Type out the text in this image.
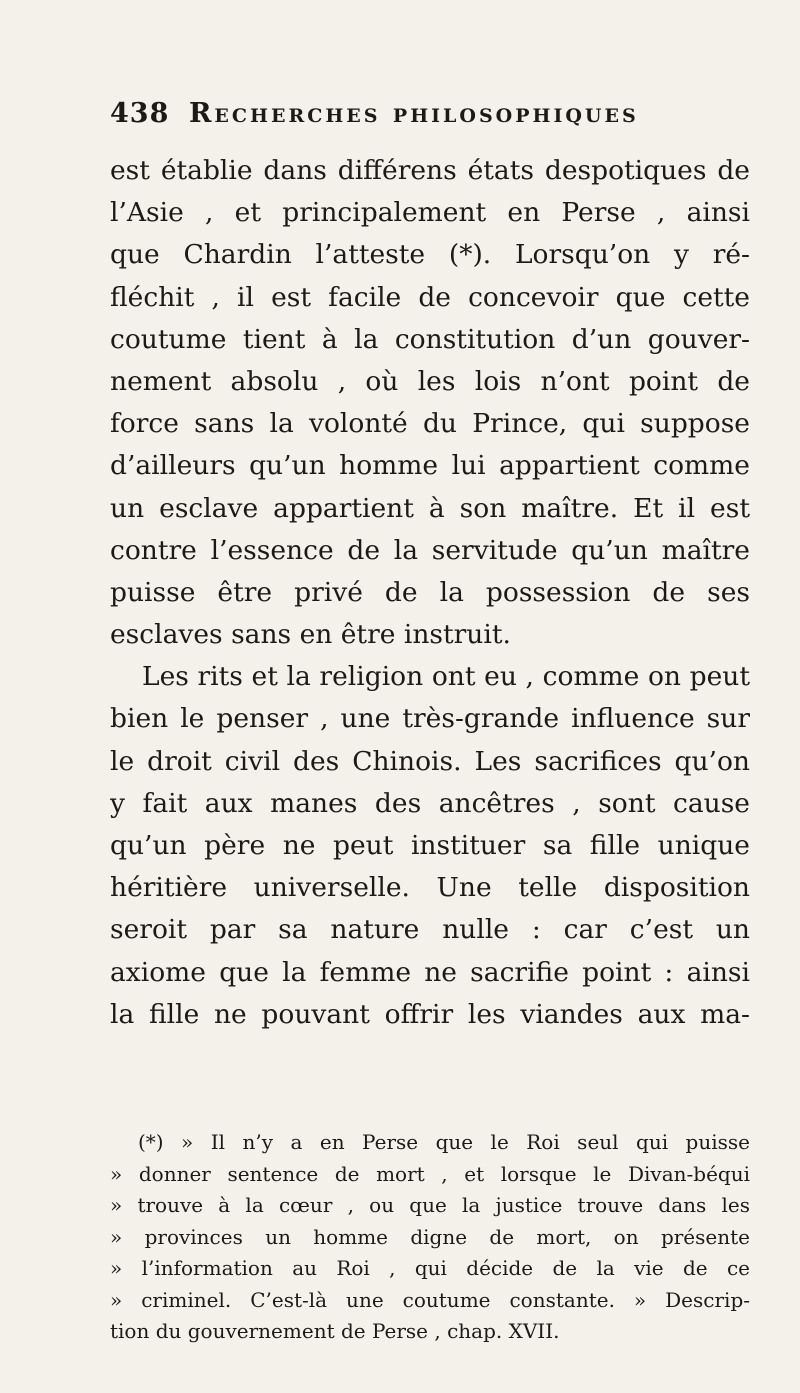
438 Recherches philosophiques
est établie dans différens états despotiques de
l’Asie , et principalement en Perse , ainsi
que Chardin l’atteste (*). Lorsqu’on y ré-
fléchit , il est facile de concevoir que cette
coutume tient à la constitution d’un gouver-
nement absolu , où les lois n’ont point de
force sans la volonté du Prince, qui suppose
d’ailleurs qu’un homme lui appartient comme
un esclave appartient à son maître. Et il est
contre l’essence de la servitude qu’un maître
puisse être privé de la possession de ses
esclaves sans en être instruit.
Les rits et la religion ont eu , comme on peut
bien le penser , une très-grande influence sur
le droit civil des Chinois. Les sacrifices qu’on
y fait aux manes des ancêtres , sont cause
qu’un père ne peut instituer sa fille unique
héritière universelle. Une telle disposition
seroit par sa nature nulle : car c’est un
axiome que la femme ne sacrifie point : ainsi
la fille ne pouvant offrir les viandes aux ma-
(*) » Il n’y a en Perse que le Roi seul qui puisse
» donner sentence de mort , et lorsque le Divan-béqui
» trouve à la cœur , ou que la justice trouve dans les
» provinces un homme digne de mort, on présente
» l’information au Roi , qui décide de la vie de ce
» criminel. C’est-là une coutume constante. » Descrip-
tion du gouvernement de Perse , chap. XVII.
